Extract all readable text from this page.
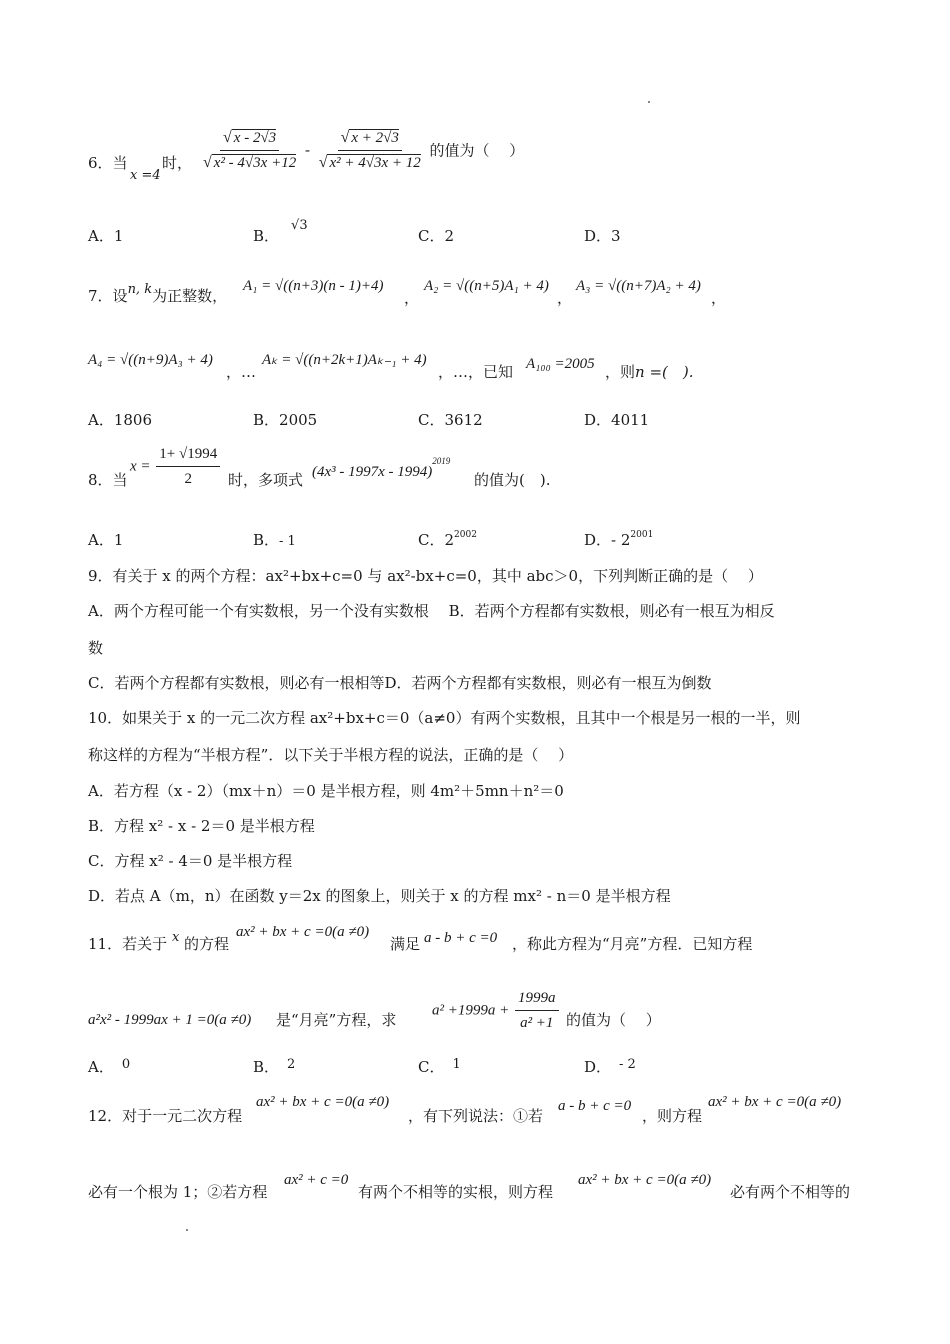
6．当
x =4
时， $\frac{√ x - 2√3}{\text{√ x² - 4√3x +12}} - \frac{√ x + 2√3}{\text{√ x² + 4√3x + 12}}$ 的值为（　 ）
A．1	B．√3
C．2	D．3
7．设n, k为正整数，
A₁ = √((n+3)(n - 1)+4)
，
A₂ = √((n+5)A₁ + 4)
，
A₃ = √((n+7)A₂ + 4)
，
A₄ = √((n+9)A₃ + 4)
，…
Aₖ = √((n+2k+1)Aₖ₋₁ + 4)
，…，已知 A₁₀₀ =2005 ，则n =(　).
A．1806	B．2005	C．3612	D．4011
8．当
$x = \frac{1+ √1994}{2}$ 时，多项式 (4x³ - 1997x - 1994)$^{2019}$
的值为(　).
A．1	B．- 1	C．$2^{2002}$	D．- $2^{2001}$
9．有关于 x 的两个方程：ax²+bx+c=0 与 ax²-bx+c=0，其中 abc＞0，下列判断正确的是（　 ）
A．两个方程可能一个有实数根，另一个没有实数根　 B．若两个方程都有实数根，则必有一根互为相反
数
C．若两个方程都有实数根，则必有一根相等D．若两个方程都有实数根，则必有一根互为倒数
10．如果关于 x 的一元二次方程 ax²+bx+c＝0（a≠0）有两个实数根，且其中一个根是另一根的一半，则
称这样的方程为“半根方程”．以下关于半根方程的说法，正确的是（　 ）
A．若方程（x - 2）（mx＋n）＝0 是半根方程，则 4m²＋5mn＋n²＝0
B．方程 x² - x - 2＝0 是半根方程
C．方程 x² - 4＝0 是半根方程
D．若点 A（m，n）在函数 y＝2x 的图象上，则关于 x 的方程 mx² - n＝0 是半根方程
11．若关于 x 的方程
ax² + bx + c =0(a ≠0)
满足 a - b + c =0 ，称此方程为“月亮”方程．已知方程
a²x² - 1999ax + 1 =0(a ≠0) 是“月亮”方程，求
$a^2 +1999a + \frac{1999a}{\text{a² +1}}$ 的值为（　 ）
A． 0	B． 2	C． 1	D． - 2
12．对于一元二次方程
ax² + bx + c =0(a ≠0)
，有下列说法：①若
a - b + c =0
，则方程
ax² + bx + c =0(a ≠0)
必有一个根为 1；②若方程
ax² + c =0
有两个不相等的实根，则方程
ax² + bx + c =0(a ≠0)
必有两个不相等的
